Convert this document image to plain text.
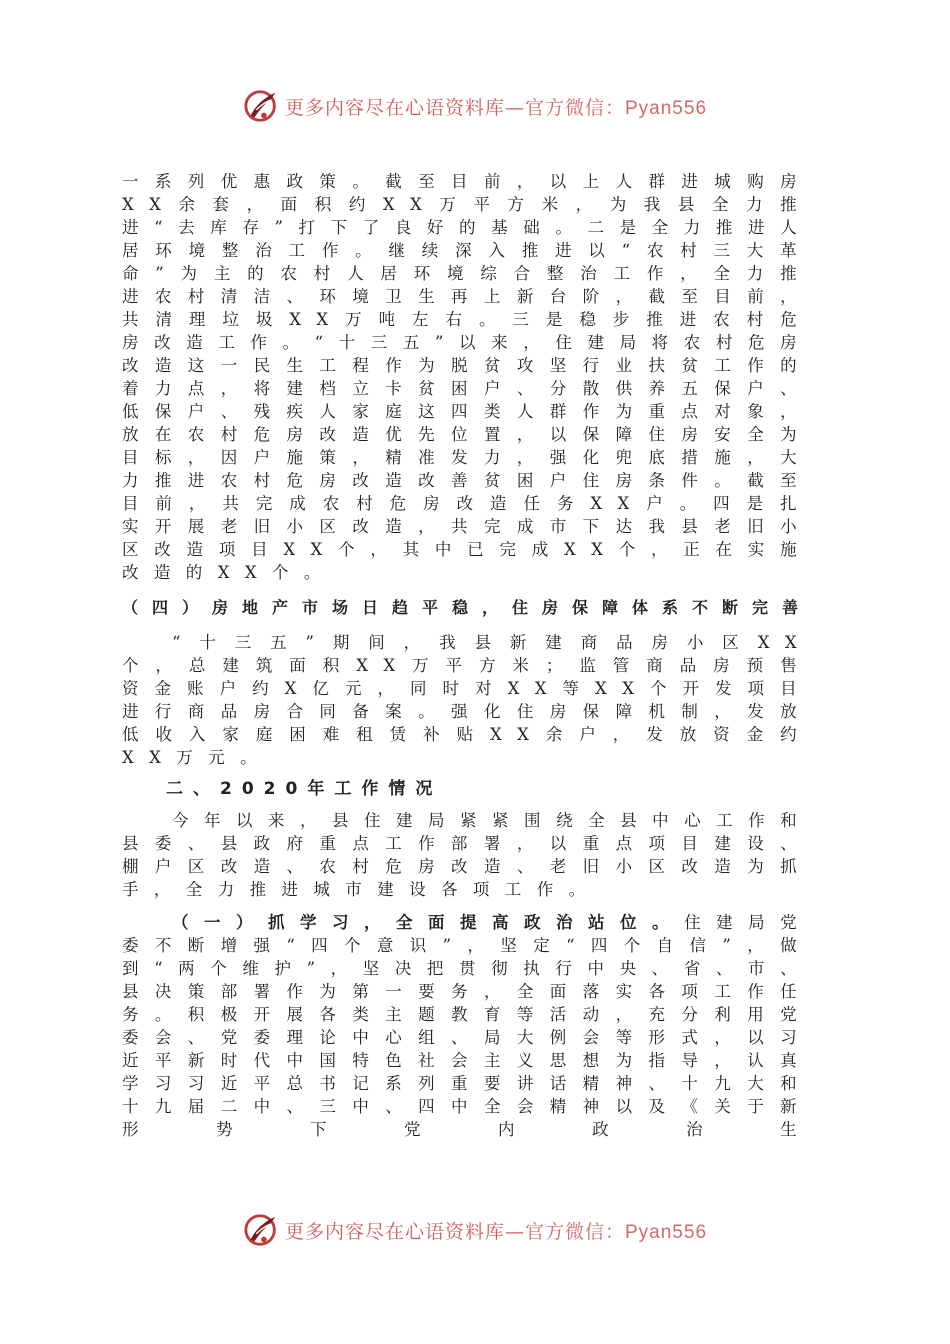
更多内容尽在心语资料库—官方微信：Pyan556

一系列优惠政策。截至目前，以上人群进城购房XX余套，面积约XX万平方米，为我县全力推进“去库存”打下了良好的基础。二是全力推进人居环境整治工作。继续深入推进以“农村三大革命”为主的农村人居环境综合整治工作，全力推进农村清洁、环境卫生再上新台阶，截至目前，共清理垃圾XX万吨左右。三是稳步推进农村危房改造工作。“十三五”以来，住建局将农村危房改造这一民生工程作为脱贫攻坚行业扶贫工作的着力点，将建档立卡贫困户、分散供养五保户、低保户、残疾人家庭这四类人群作为重点对象，放在农村危房改造优先位置，以保障住房安全为目标，因户施策，精准发力，强化兜底措施，大力推进农村危房改造改善贫困户住房条件。截至目前，共完成农村危房改造任务XX户。四是扎实开展老旧小区改造，共完成市下达我县老旧小区改造项目XX个，其中已完成XX个，正在实施改造的XX个。

（四）房地产市场日趋平稳，住房保障体系不断完善

“十三五”期间，我县新建商品房小区XX个，总建筑面积XX万平方米；监管商品房预售资金账户约X亿元，同时对XX等XX个开发项目进行商品房合同备案。强化住房保障机制，发放低收入家庭困难租赁补贴XX余户，发放资金约XX万元。

二、2020年工作情况

今年以来，县住建局紧紧围绕全县中心工作和县委、县政府重点工作部署，以重点项目建设、棚户区改造、农村危房改造、老旧小区改造为抓手，全力推进城市建设各项工作。

（一）抓学习，全面提高政治站位。住建局党委不断增强“四个意识”，坚定“四个自信”，做到“两个维护”，坚决把贯彻执行中央、省、市、县决策部署作为第一要务，全面落实各项工作任务。积极开展各类主题教育等活动，充分利用党委会、党委理论中心组、局大例会等形式，以习近平新时代中国特色社会主义思想为指导，认真学习习近平总书记系列重要讲话精神、十九大和十九届二中、三中、四中全会精神以及《关于新形势下党内政治生

更多内容尽在心语资料库—官方微信：Pyan556
